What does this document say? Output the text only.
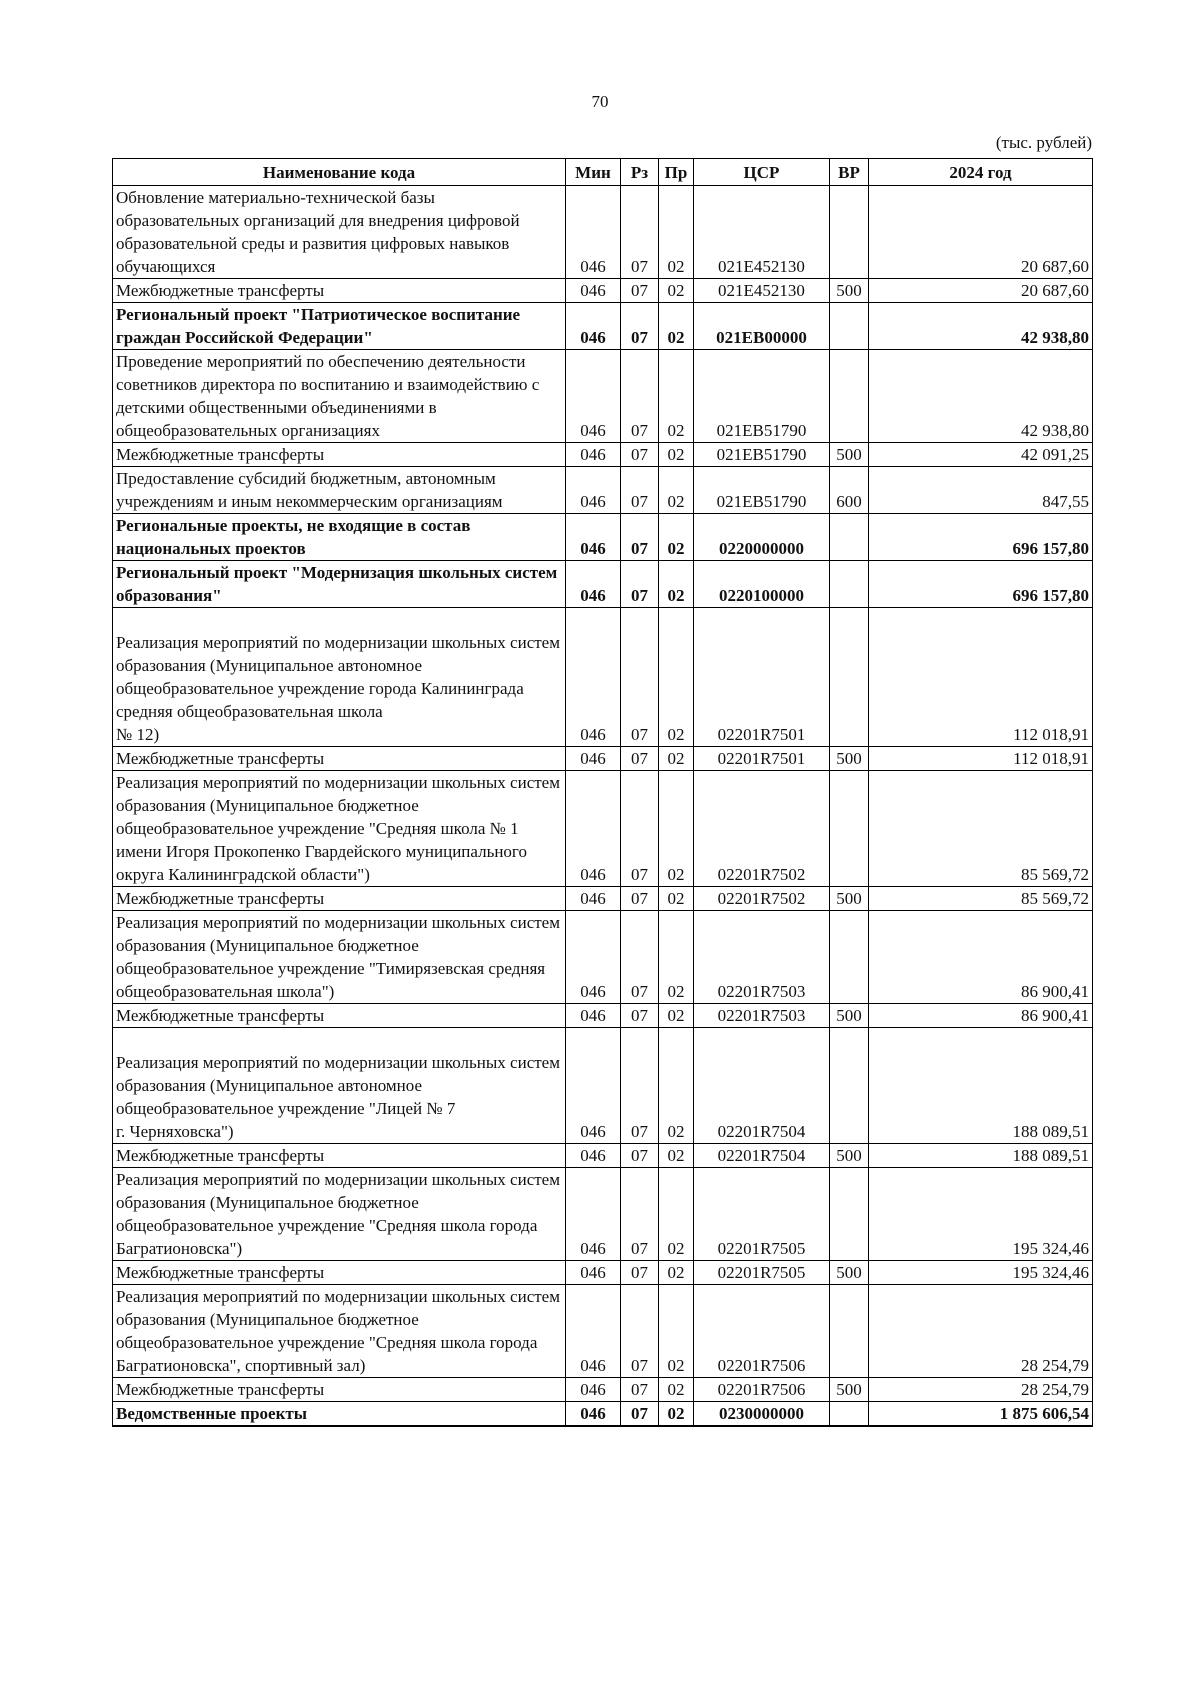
70
(тыс. рублей)
Наименование кода	Мин	Рз	Пр	ЦСР	ВР	2024 год
Обновление материально-технической базы образовательных организаций для внедрения цифровой образовательной среды и развития цифровых навыков обучающихся	046	07	02	021Е452130		20 687,60
Межбюджетные трансферты	046	07	02	021Е452130	500	20 687,60
Региональный проект "Патриотическое воспитание граждан Российской Федерации"	046	07	02	021ЕВ00000		42 938,80
Проведение мероприятий по обеспечению деятельности советников директора по воспитанию и взаимодействию с детскими общественными объединениями в общеобразовательных организациях	046	07	02	021ЕВ51790		42 938,80
Межбюджетные трансферты	046	07	02	021ЕВ51790	500	42 091,25
Предоставление субсидий бюджетным, автономным учреждениям и иным некоммерческим организациям	046	07	02	021ЕВ51790	600	847,55
Региональные проекты, не входящие в состав национальных проектов	046	07	02	0220000000		696 157,80
Региональный проект "Модернизация школьных систем образования"	046	07	02	0220100000		696 157,80
Реализация мероприятий по модернизации школьных систем образования (Муниципальное автономное общеобразовательное учреждение города Калининграда средняя общеобразовательная школа
№ 12)	046	07	02	02201R7501		112 018,91
Межбюджетные трансферты	046	07	02	02201R7501	500	112 018,91
Реализация мероприятий по модернизации школьных систем образования (Муниципальное бюджетное общеобразовательное учреждение "Средняя школа № 1 имени Игоря Прокопенко Гвардейского муниципального округа Калининградской области")	046	07	02	02201R7502		85 569,72
Межбюджетные трансферты	046	07	02	02201R7502	500	85 569,72
Реализация мероприятий по модернизации школьных систем образования (Муниципальное бюджетное общеобразовательное учреждение "Тимирязевская средняя общеобразовательная школа")	046	07	02	02201R7503		86 900,41
Межбюджетные трансферты	046	07	02	02201R7503	500	86 900,41
Реализация мероприятий по модернизации школьных систем образования (Муниципальное автономное общеобразовательное учреждение "Лицей № 7
г. Черняховска")	046	07	02	02201R7504		188 089,51
Межбюджетные трансферты	046	07	02	02201R7504	500	188 089,51
Реализация мероприятий по модернизации школьных систем образования (Муниципальное бюджетное общеобразовательное учреждение "Средняя школа города Багратионовска")	046	07	02	02201R7505		195 324,46
Межбюджетные трансферты	046	07	02	02201R7505	500	195 324,46
Реализация мероприятий по модернизации школьных систем образования (Муниципальное бюджетное общеобразовательное учреждение "Средняя школа города Багратионовска", спортивный зал)	046	07	02	02201R7506		28 254,79
Межбюджетные трансферты	046	07	02	02201R7506	500	28 254,79
Ведомственные проекты	046	07	02	0230000000		1 875 606,54
